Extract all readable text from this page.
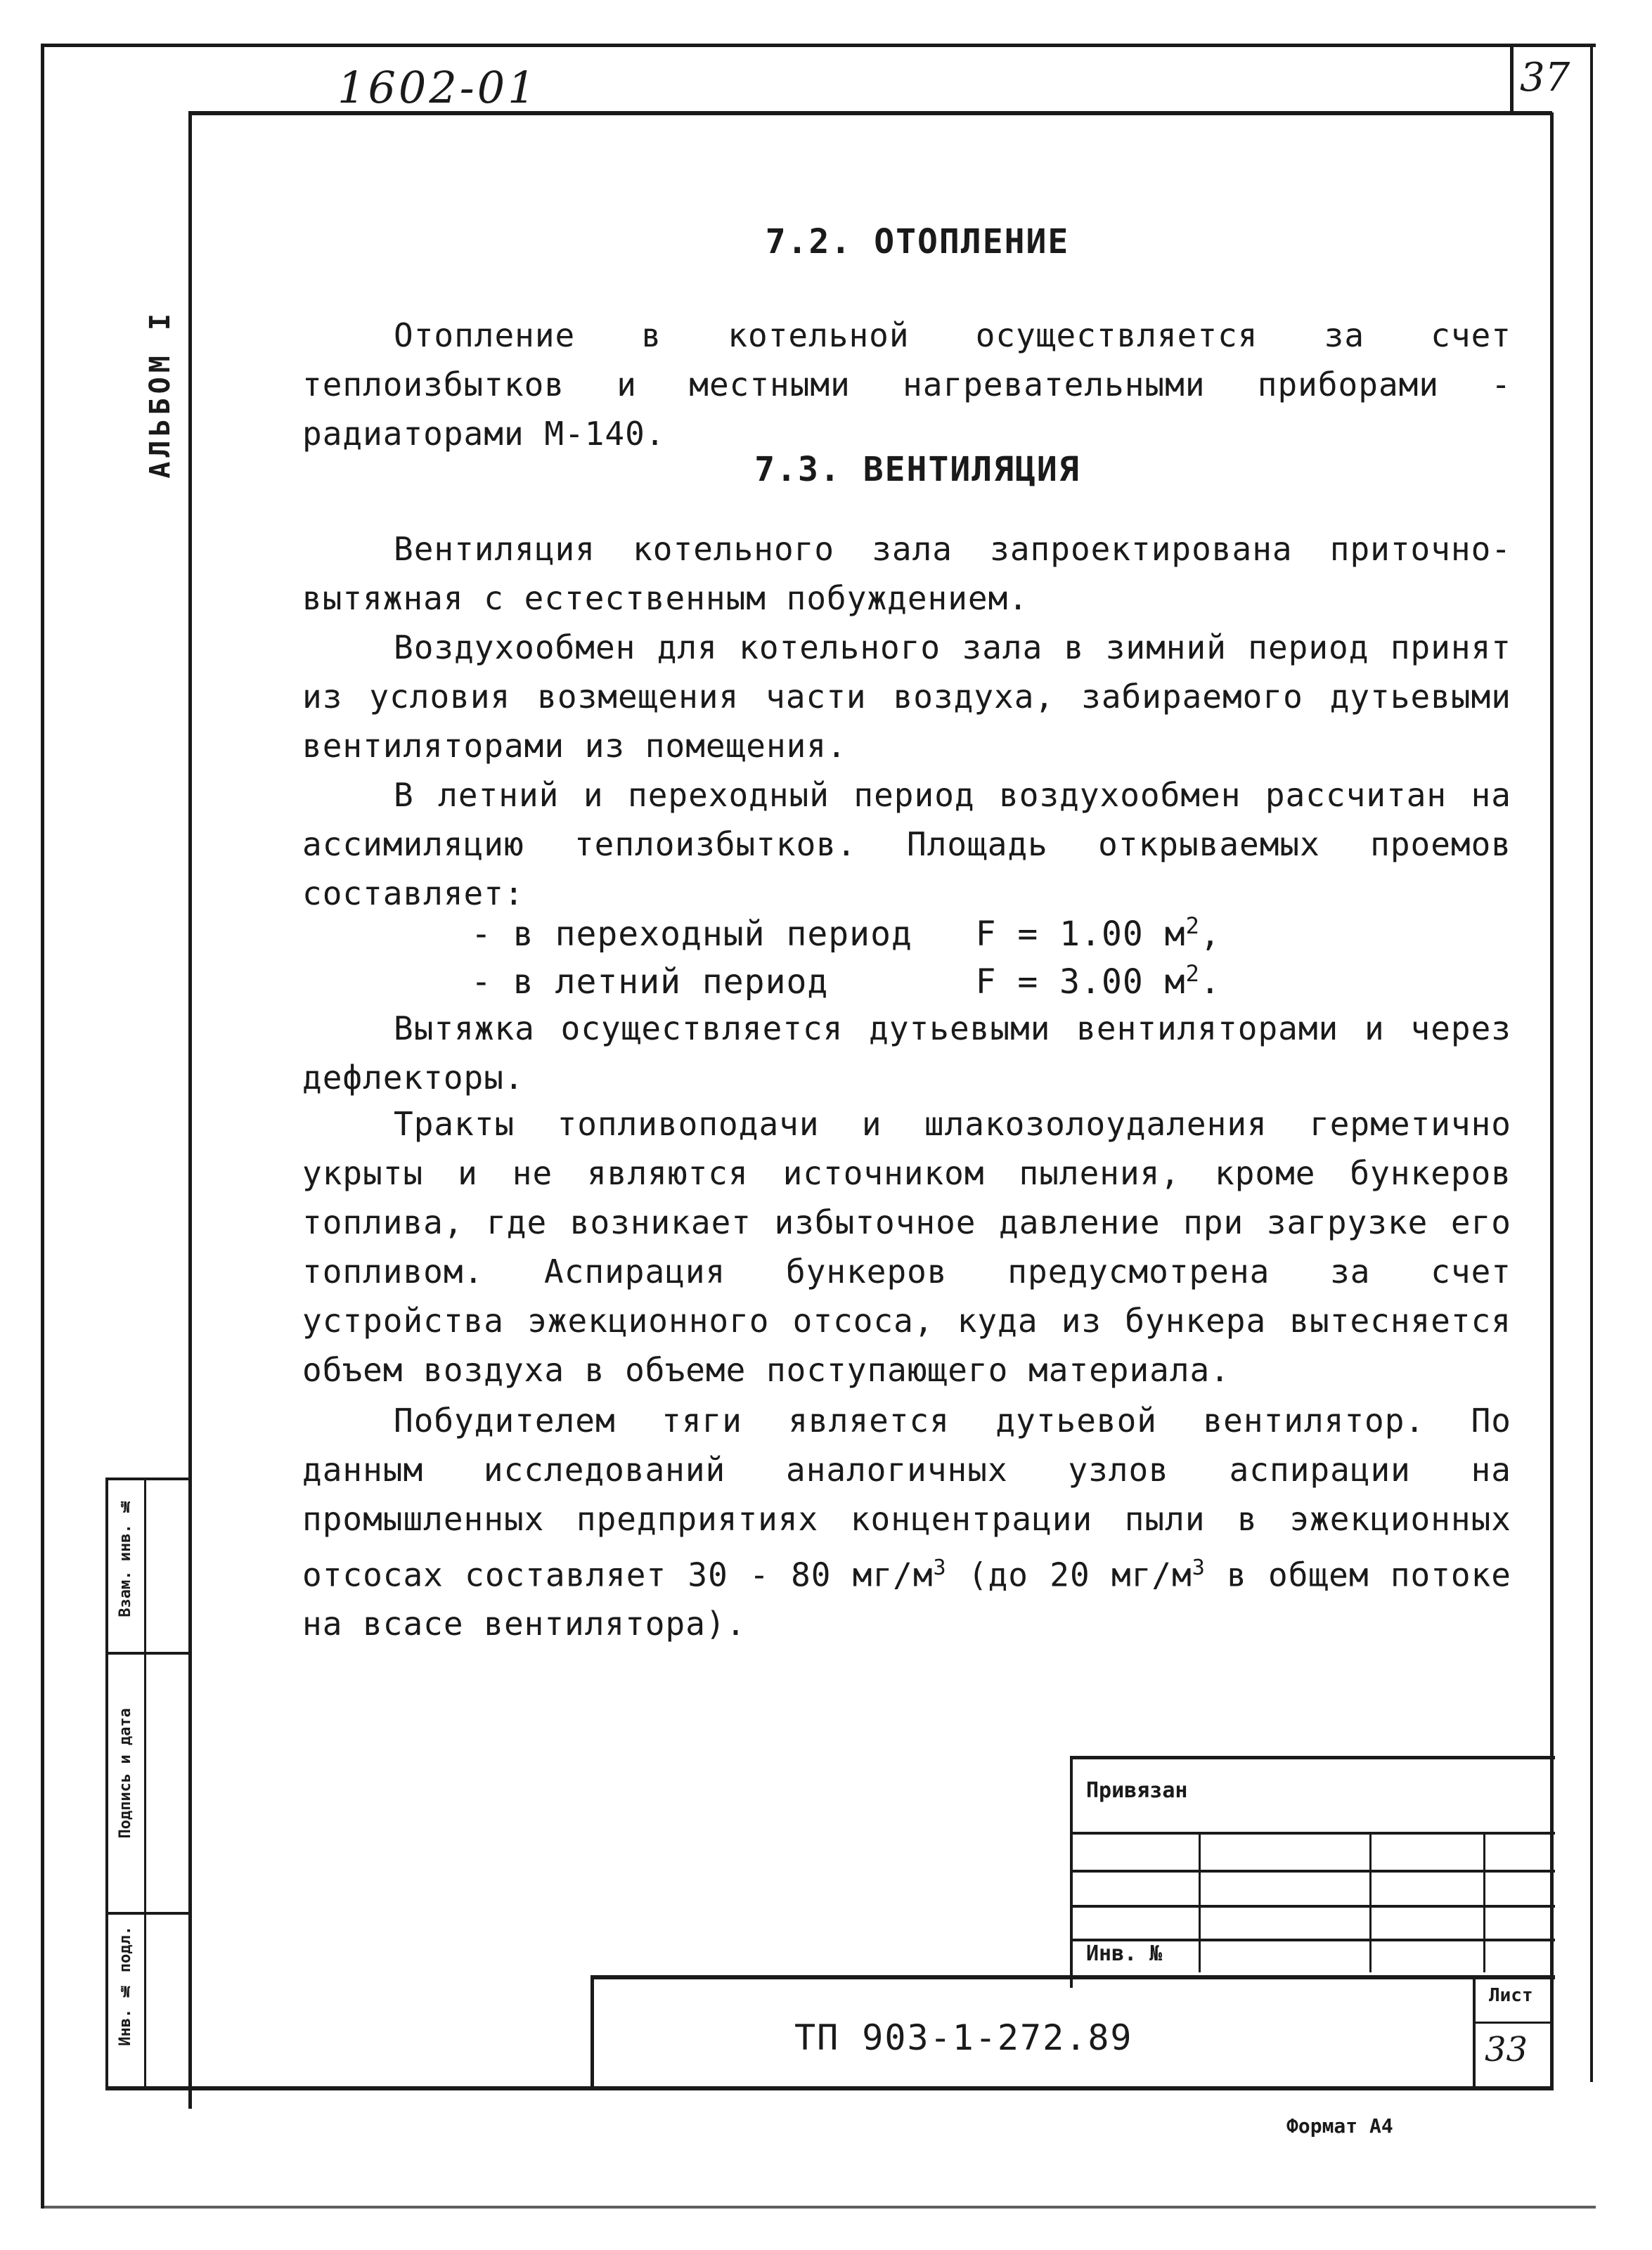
37
1602-01
АЛЬБОМ I
7.2. ОТОПЛЕНИЕ
Отопление в котельной осуществляется за счет теплоизбытков и местными нагревательными приборами - радиаторами М-140.
7.3. ВЕНТИЛЯЦИЯ
Вентиляция котельного зала запроектирована приточно-вытяжная с естественным побуждением.
Воздухообмен для котельного зала в зимний период принят из условия возмещения части воздуха, забираемого дутьевыми вентиляторами из помещения.
В летний и переходный период воздухообмен рассчитан на ассимиляцию теплоизбытков. Площадь открываемых проемов составляет:
- в переходный период F = 1.00 $м^2$,
- в летний период	F = 3.00 $м^2$.
Вытяжка осуществляется дутьевыми вентиляторами и через дефлекторы.
Тракты топливоподачи и шлакозолоудаления герметично укрыты и не являются источником пыления, кроме бункеров топлива, где возникает избыточное давление при загрузке его топливом. Аспирация бункеров предусмотрена за счет устройства эжекционного отсоса, куда из бункера вытесняется объем воздуха в объеме поступающего материала.
Побудителем тяги является дутьевой вентилятор. По данным исследований аналогичных узлов аспирации на промышленных предприятиях концентрации пыли в эжекционных отсосах составляет 30 - 80 $мг/м^3$ (до 20 $мг/м^3$ в общем потоке на всасе вентилятора).
Инв. № подл.
Подпись и дата
Взам. инв. №
Привязан
Инв. №
ТП 903-1-272.89
Лист
33
Формат А4
